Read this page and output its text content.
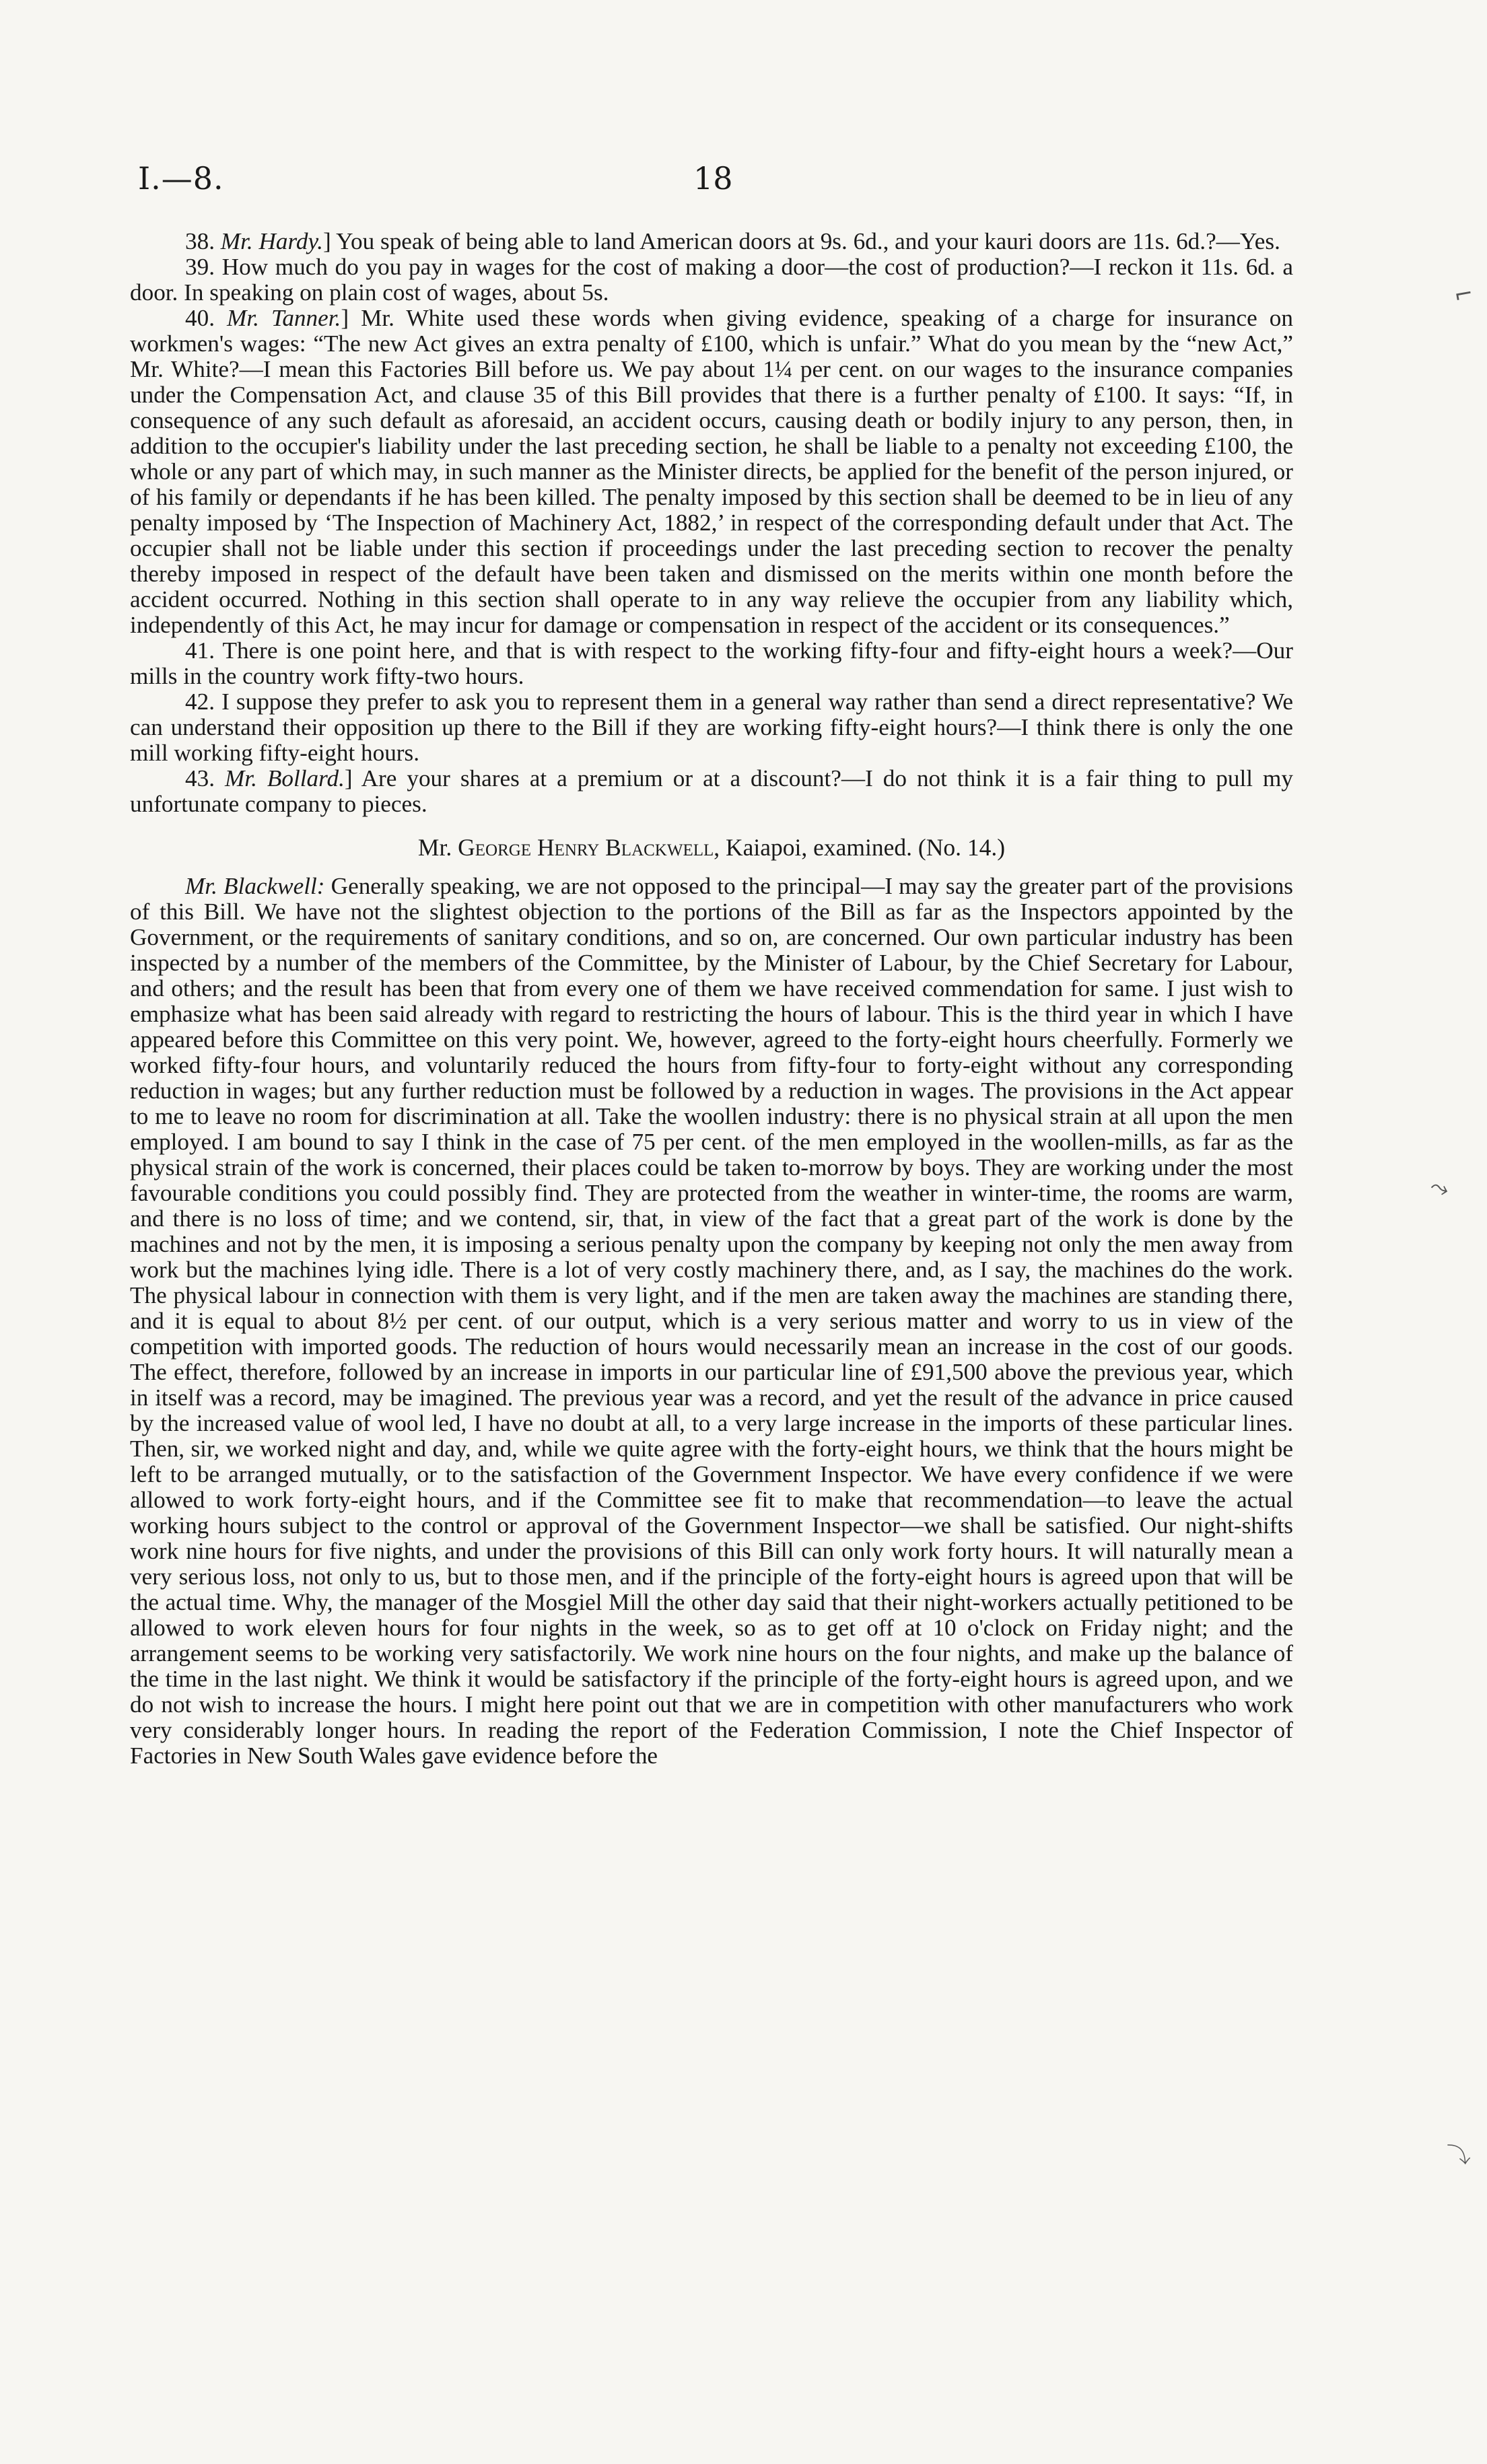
I.—8.	18

38. Mr. Hardy.] You speak of being able to land American doors at 9s. 6d., and your kauri doors are 11s. 6d.?—Yes.

39. How much do you pay in wages for the cost of making a door—the cost of production?—I reckon it 11s. 6d. a door. In speaking on plain cost of wages, about 5s.

40. Mr. Tanner.] Mr. White used these words when giving evidence, speaking of a charge for insurance on workmen's wages: “The new Act gives an extra penalty of £100, which is unfair.” What do you mean by the “new Act,” Mr. White?—I mean this Factories Bill before us. We pay about 1¼ per cent. on our wages to the insurance companies under the Compensation Act, and clause 35 of this Bill provides that there is a further penalty of £100. It says: “If, in consequence of any such default as aforesaid, an accident occurs, causing death or bodily injury to any person, then, in addition to the occupier's liability under the last preceding section, he shall be liable to a penalty not exceeding £100, the whole or any part of which may, in such manner as the Minister directs, be applied for the benefit of the person injured, or of his family or dependants if he has been killed. The penalty imposed by this section shall be deemed to be in lieu of any penalty imposed by ‘The Inspection of Machinery Act, 1882,’ in respect of the corresponding default under that Act. The occupier shall not be liable under this section if proceedings under the last preceding section to recover the penalty thereby imposed in respect of the default have been taken and dismissed on the merits within one month before the accident occurred. Nothing in this section shall operate to in any way relieve the occupier from any liability which, independently of this Act, he may incur for damage or compensation in respect of the accident or its consequences.”

41. There is one point here, and that is with respect to the working fifty-four and fifty-eight hours a week?—Our mills in the country work fifty-two hours.

42. I suppose they prefer to ask you to represent them in a general way rather than send a direct representative? We can understand their opposition up there to the Bill if they are working fifty-eight hours?—I think there is only the one mill working fifty-eight hours.

43. Mr. Bollard.] Are your shares at a premium or at a discount?—I do not think it is a fair thing to pull my unfortunate company to pieces.

Mr. George Henry Blackwell, Kaiapoi, examined. (No. 14.)

Mr. Blackwell: Generally speaking, we are not opposed to the principal—I may say the greater part of the provisions of this Bill. We have not the slightest objection to the portions of the Bill as far as the Inspectors appointed by the Government, or the requirements of sanitary conditions, and so on, are concerned. Our own particular industry has been inspected by a number of the members of the Committee, by the Minister of Labour, by the Chief Secretary for Labour, and others; and the result has been that from every one of them we have received commendation for same. I just wish to emphasize what has been said already with regard to restricting the hours of labour. This is the third year in which I have appeared before this Committee on this very point. We, however, agreed to the forty-eight hours cheerfully. Formerly we worked fifty-four hours, and voluntarily reduced the hours from fifty-four to forty-eight without any corresponding reduction in wages; but any further reduction must be followed by a reduction in wages. The provisions in the Act appear to me to leave no room for discrimination at all. Take the woollen industry: there is no physical strain at all upon the men employed. I am bound to say I think in the case of 75 per cent. of the men employed in the woollen-mills, as far as the physical strain of the work is concerned, their places could be taken to-morrow by boys. They are working under the most favourable conditions you could possibly find. They are protected from the weather in winter-time, the rooms are warm, and there is no loss of time; and we contend, sir, that, in view of the fact that a great part of the work is done by the machines and not by the men, it is imposing a serious penalty upon the company by keeping not only the men away from work but the machines lying idle. There is a lot of very costly machinery there, and, as I say, the machines do the work. The physical labour in connection with them is very light, and if the men are taken away the machines are standing there, and it is equal to about 8½ per cent. of our output, which is a very serious matter and worry to us in view of the competition with imported goods. The reduction of hours would necessarily mean an increase in the cost of our goods. The effect, therefore, followed by an increase in imports in our particular line of £91,500 above the previous year, which in itself was a record, may be imagined. The previous year was a record, and yet the result of the advance in price caused by the increased value of wool led, I have no doubt at all, to a very large increase in the imports of these particular lines. Then, sir, we worked night and day, and, while we quite agree with the forty-eight hours, we think that the hours might be left to be arranged mutually, or to the satisfaction of the Government Inspector. We have every confidence if we were allowed to work forty-eight hours, and if the Committee see fit to make that recommendation—to leave the actual working hours subject to the control or approval of the Government Inspector—we shall be satisfied. Our night-shifts work nine hours for five nights, and under the provisions of this Bill can only work forty hours. It will naturally mean a very serious loss, not only to us, but to those men, and if the principle of the forty-eight hours is agreed upon that will be the actual time. Why, the manager of the Mosgiel Mill the other day said that their night-workers actually petitioned to be allowed to work eleven hours for four nights in the week, so as to get off at 10 o'clock on Friday night; and the arrangement seems to be working very satisfactorily. We work nine hours on the four nights, and make up the balance of the time in the last night. We think it would be satisfactory if the principle of the forty-eight hours is agreed upon, and we do not wish to increase the hours. I might here point out that we are in competition with other manufacturers who work very considerably longer hours. In reading the report of the Federation Commission, I note the Chief Inspector of Factories in New South Wales gave evidence before the

⌐
⤳
⤵
